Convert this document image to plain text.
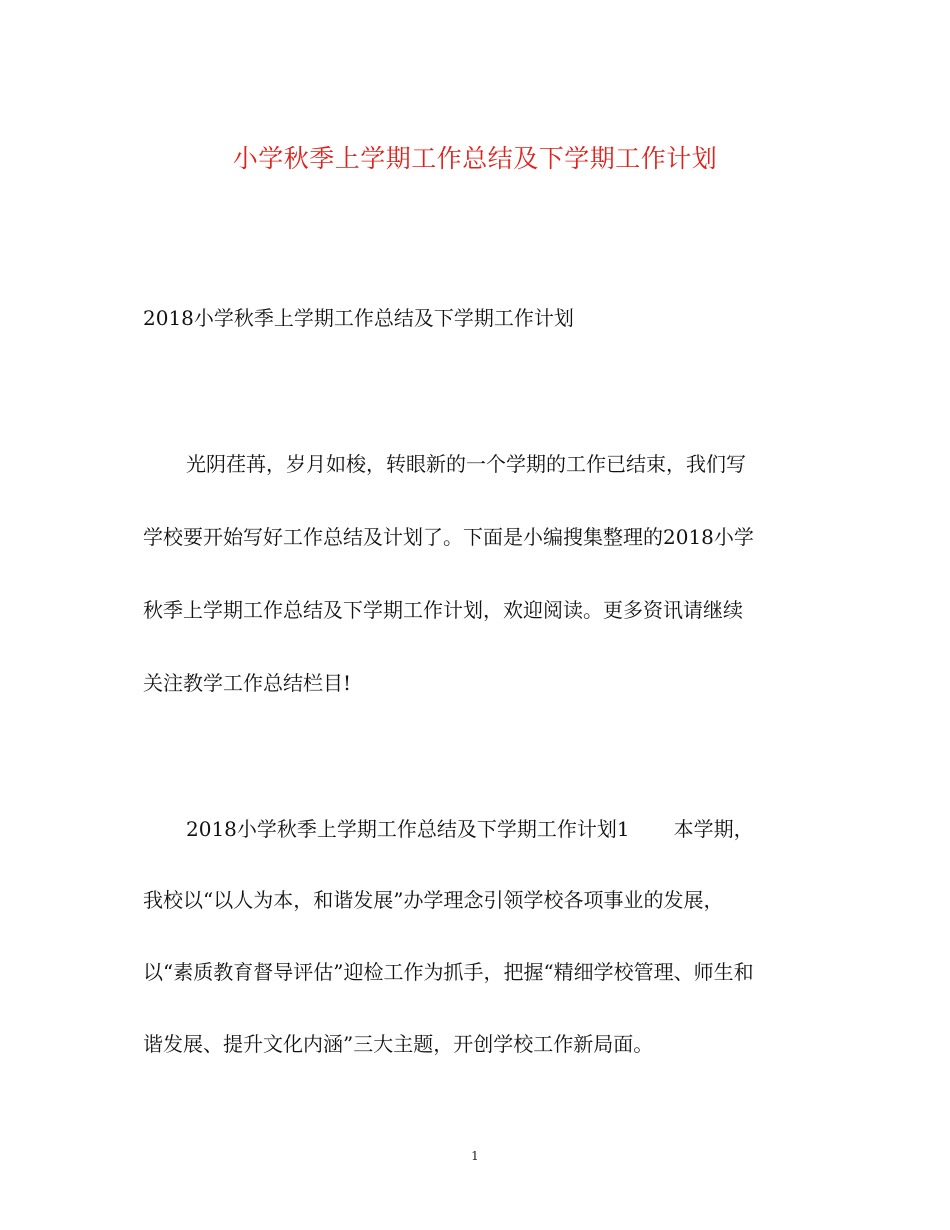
小学秋季上学期工作总结及下学期工作计划
2018小学秋季上学期工作总结及下学期工作计划
光阴荏苒，岁月如梭，转眼新的一个学期的工作已结束，我们写
学校要开始写好工作总结及计划了。下面是小编搜集整理的2018小学
秋季上学期工作总结及下学期工作计划，欢迎阅读。更多资讯请继续
关注教学工作总结栏目!
2018小学秋季上学期工作总结及下学期工作计划1 本学期，
我校以“以人为本，和谐发展”办学理念引领学校各项事业的发展，
以“素质教育督导评估”迎检工作为抓手，把握“精细学校管理、师生和
谐发展、提升文化内涵”三大主题，开创学校工作新局面。
1
